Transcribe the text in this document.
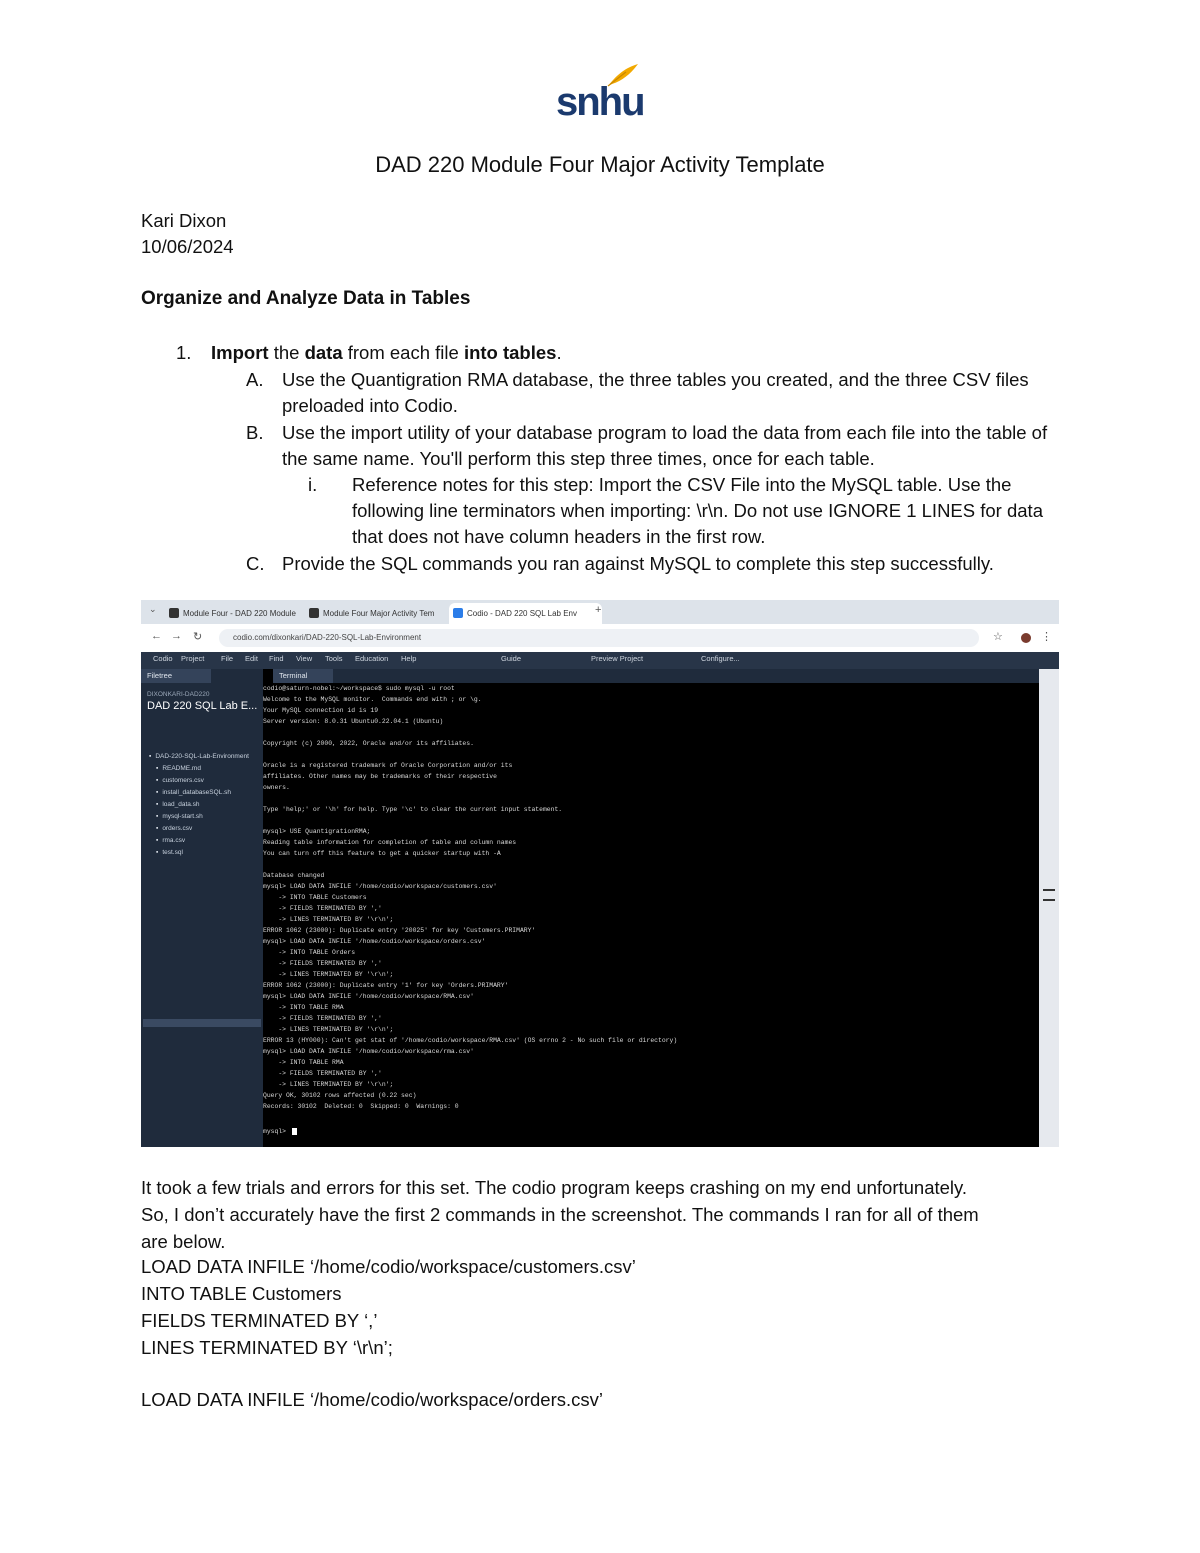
snhu
DAD 220 Module Four Major Activity Template
Kari Dixon
10/06/2024
Organize and Analyze Data in Tables
1. Import the data from each file into tables.
A. Use the Quantigration RMA database, the three tables you created, and the three CSV files preloaded into Codio.
B. Use the import utility of your database program to load the data from each file into the table of the same name. You'll perform this step three times, once for each table.
i. Reference notes for this step: Import the CSV File into the MySQL table. Use the following line terminators when importing: \r\n. Do not use IGNORE 1 LINES for data that does not have column headers in the first row.
C. Provide the SQL commands you ran against MySQL to complete this step successfully.
⌄	Module Four - DAD 220 Module	Module Four Major Activity Tem	Codio - DAD 220 SQL Lab Env	+
← → ↻	codio.com/dixonkari/DAD-220-SQL-Lab-Environment	☆	⋮
Codio Project File Edit Find View Tools Education Help	Guide	Preview Project	Configure...
Filetree
DIXONKARI-DAD220
DAD 220 SQL Lab E...
▪ DAD-220-SQL-Lab-Environment
▪ README.md
▪ customers.csv
▪ install_databaseSQL.sh
▪ load_data.sh
▪ mysql-start.sh
▪ orders.csv
▪ rma.csv
▪ test.sql
Terminal
codio@saturn-nobel:~/workspace$ sudo mysql -u root
Welcome to the MySQL monitor.  Commands end with ; or \g.
Your MySQL connection id is 19
Server version: 8.0.31 Ubuntu0.22.04.1 (Ubuntu)
Copyright (c) 2000, 2022, Oracle and/or its affiliates.
Oracle is a registered trademark of Oracle Corporation and/or its
affiliates. Other names may be trademarks of their respective
owners.
Type 'help;' or '\h' for help. Type '\c' to clear the current input statement.
mysql> USE QuantigrationRMA;
Reading table information for completion of table and column names
You can turn off this feature to get a quicker startup with -A
Database changed
mysql> LOAD DATA INFILE '/home/codio/workspace/customers.csv'
-> INTO TABLE Customers
-> FIELDS TERMINATED BY ','
-> LINES TERMINATED BY '\r\n';
ERROR 1062 (23000): Duplicate entry '20025' for key 'Customers.PRIMARY'
mysql> LOAD DATA INFILE '/home/codio/workspace/orders.csv'
-> INTO TABLE Orders
-> FIELDS TERMINATED BY ','
-> LINES TERMINATED BY '\r\n';
ERROR 1062 (23000): Duplicate entry '1' for key 'Orders.PRIMARY'
mysql> LOAD DATA INFILE '/home/codio/workspace/RMA.csv'
-> INTO TABLE RMA
-> FIELDS TERMINATED BY ','
-> LINES TERMINATED BY '\r\n';
ERROR 13 (HY000): Can't get stat of '/home/codio/workspace/RMA.csv' (OS errno 2 - No such file or directory)
mysql> LOAD DATA INFILE '/home/codio/workspace/rma.csv'
-> INTO TABLE RMA
-> FIELDS TERMINATED BY ','
-> LINES TERMINATED BY '\r\n';
Query OK, 30102 rows affected (0.22 sec)
Records: 30102  Deleted: 0  Skipped: 0  Warnings: 0
mysql>
It took a few trials and errors for this set. The codio program keeps crashing on my end unfortunately.
So, I don’t accurately have the first 2 commands in the screenshot. The commands I ran for all of them
are below.
LOAD DATA INFILE ‘/home/codio/workspace/customers.csv’
INTO TABLE Customers
FIELDS TERMINATED BY ‘,’
LINES TERMINATED BY ‘\r\n’;
LOAD DATA INFILE ‘/home/codio/workspace/orders.csv’
